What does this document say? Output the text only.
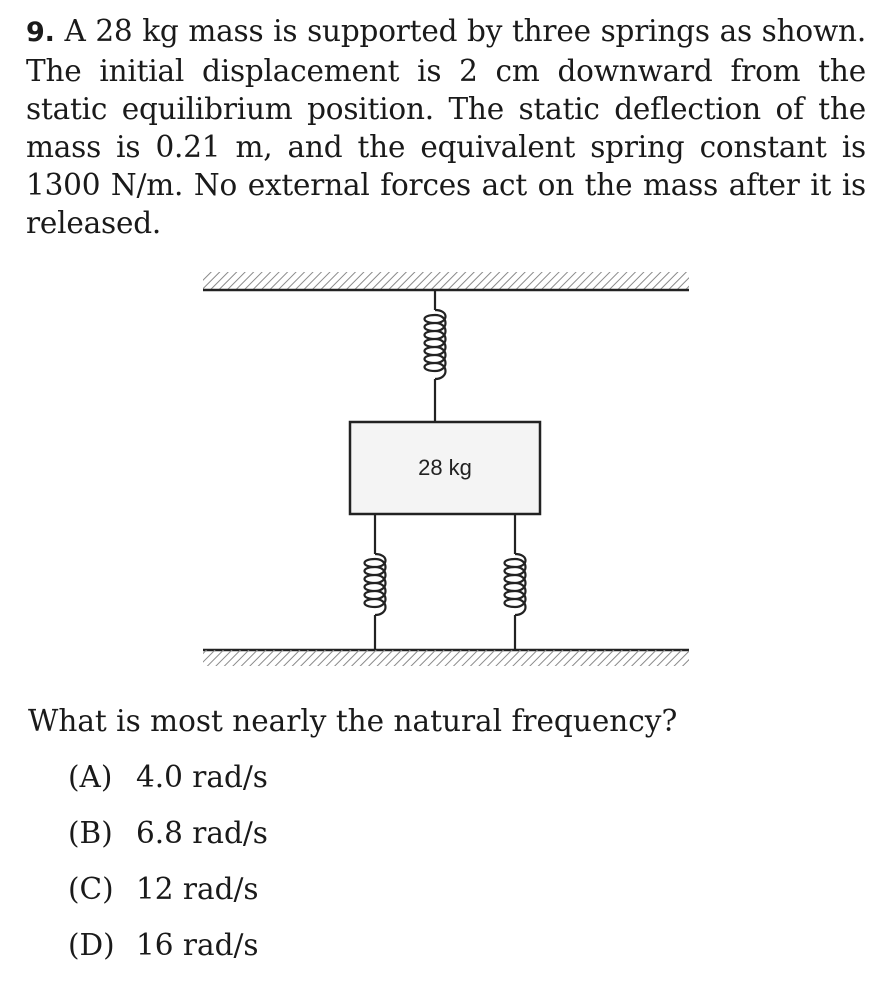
9. A 28 kg mass is supported by three springs as shown. The initial displacement is 2 cm downward from the static equilibrium position. The static deflection of the mass is 0.21 m, and the equivalent spring constant is 1300 N/m. No external forces act on the mass after it is released.
28 kg
What is most nearly the natural frequency?
(A) 4.0 rad/s
(B) 6.8 rad/s
(C) 12 rad/s
(D) 16 rad/s
